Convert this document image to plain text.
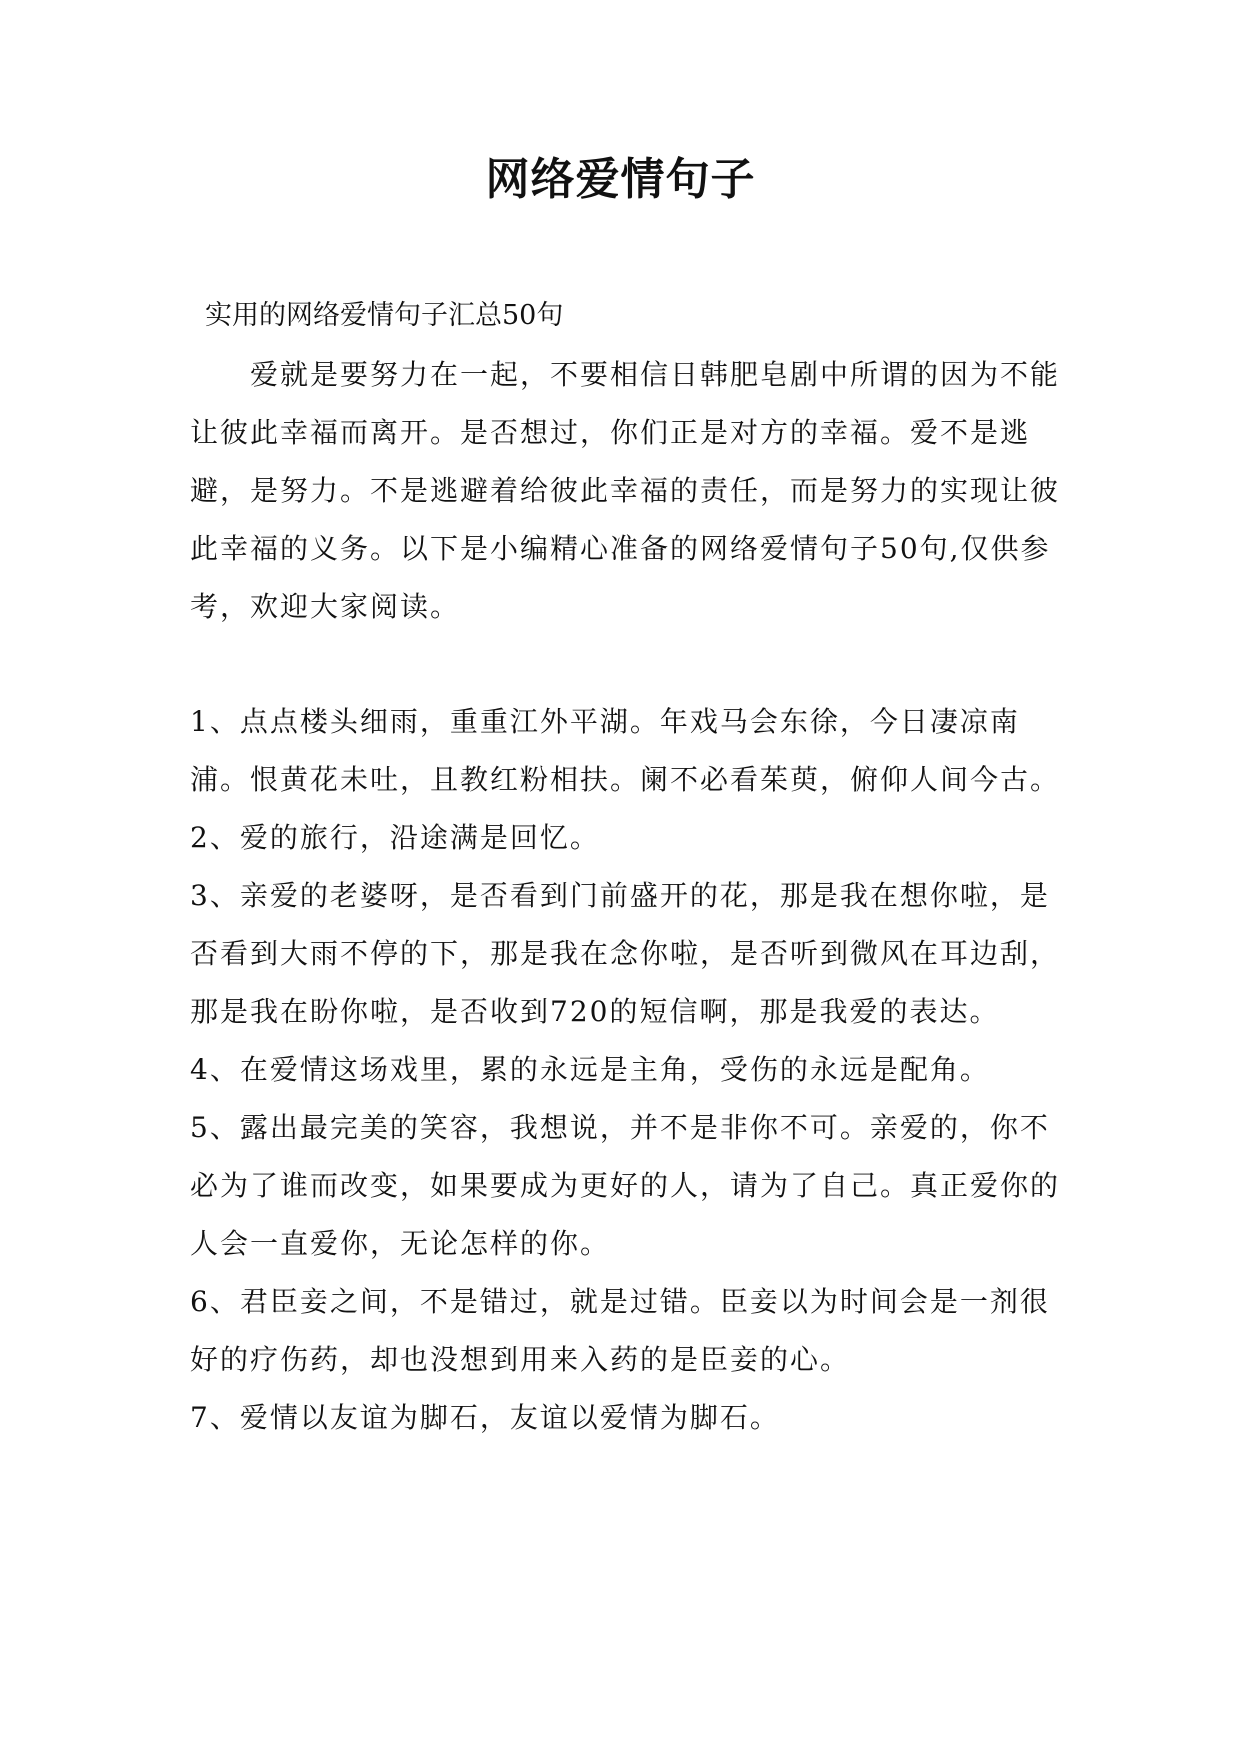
网络爱情句子

实用的网络爱情句子汇总50句

爱就是要努力在一起，不要相信日韩肥皂剧中所谓的因为不能让彼此幸福而离开。是否想过，你们正是对方的幸福。爱不是逃避，是努力。不是逃避着给彼此幸福的责任，而是努力的实现让彼此幸福的义务。以下是小编精心准备的网络爱情句子50句,仅供参考，欢迎大家阅读。

1、点点楼头细雨，重重江外平湖。年戏马会东徐，今日凄凉南浦。恨黄花未吐，且教红粉相扶。阑不必看茱萸，俯仰人间今古。

2、爱的旅行，沿途满是回忆。

3、亲爱的老婆呀，是否看到门前盛开的花，那是我在想你啦，是否看到大雨不停的下，那是我在念你啦，是否听到微风在耳边刮，那是我在盼你啦，是否收到720的短信啊，那是我爱的表达。

4、在爱情这场戏里，累的永远是主角，受伤的永远是配角。

5、露出最完美的笑容，我想说，并不是非你不可。亲爱的，你不必为了谁而改变，如果要成为更好的人，请为了自己。真正爱你的人会一直爱你，无论怎样的你。

6、君臣妾之间，不是错过，就是过错。臣妾以为时间会是一剂很好的疗伤药，却也没想到用来入药的是臣妾的心。

7、爱情以友谊为脚石，友谊以爱情为脚石。
